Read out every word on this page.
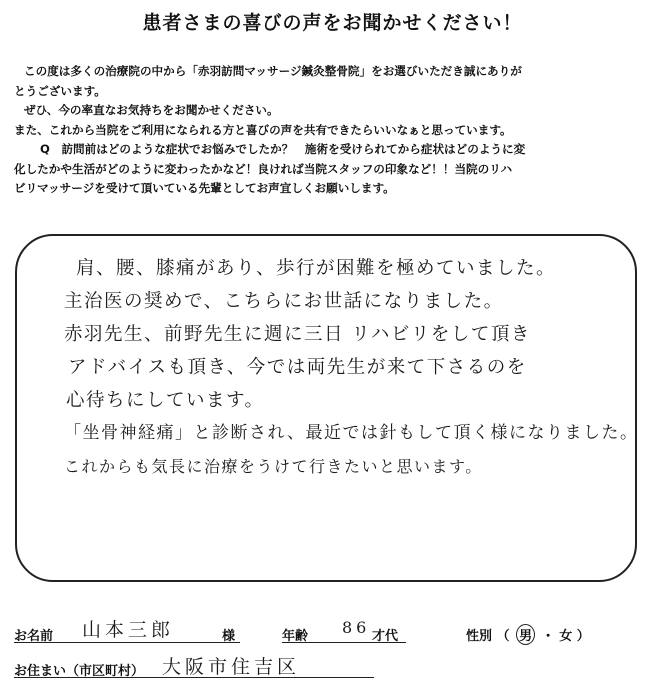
患者さまの喜びの声をお聞かせください！

この度は多くの治療院の中から「赤羽訪問マッサージ鍼灸整骨院」をお選びいただき誠にありが

とうございます。

ぜひ、今の率直なお気持ちをお聞かせください。

また、これから当院をご利用になられる方と喜びの声を共有できたらいいなぁと思っています。

Q　訪問前はどのような症状でお悩みでしたか？　施術を受けられてから症状はどのように変

化したかや生活がどのように変わったかなど！良ければ当院スタッフの印象など！！当院のリハ

ビリマッサージを受けて頂いている先輩としてお声宜しくお願いします。

肩、腰、膝痛があり、歩行が困難を極めていました。

主治医の奨めで、こちらにお世話になりました。

赤羽先生、前野先生に週に三日 リハビリをして頂き

アドバイスも頂き、今では両先生が来て下さるのを

心待ちにしています。

「坐骨神経痛」と診断され、最近では針もして頂く様になりました。

これからも気長に治療をうけて行きたいと思います。

お名前 山本三郎	様	年齢 86 才代	性別 （ 男 ・ 女 ）
お住まい（市区町村） 大阪市住吉区
